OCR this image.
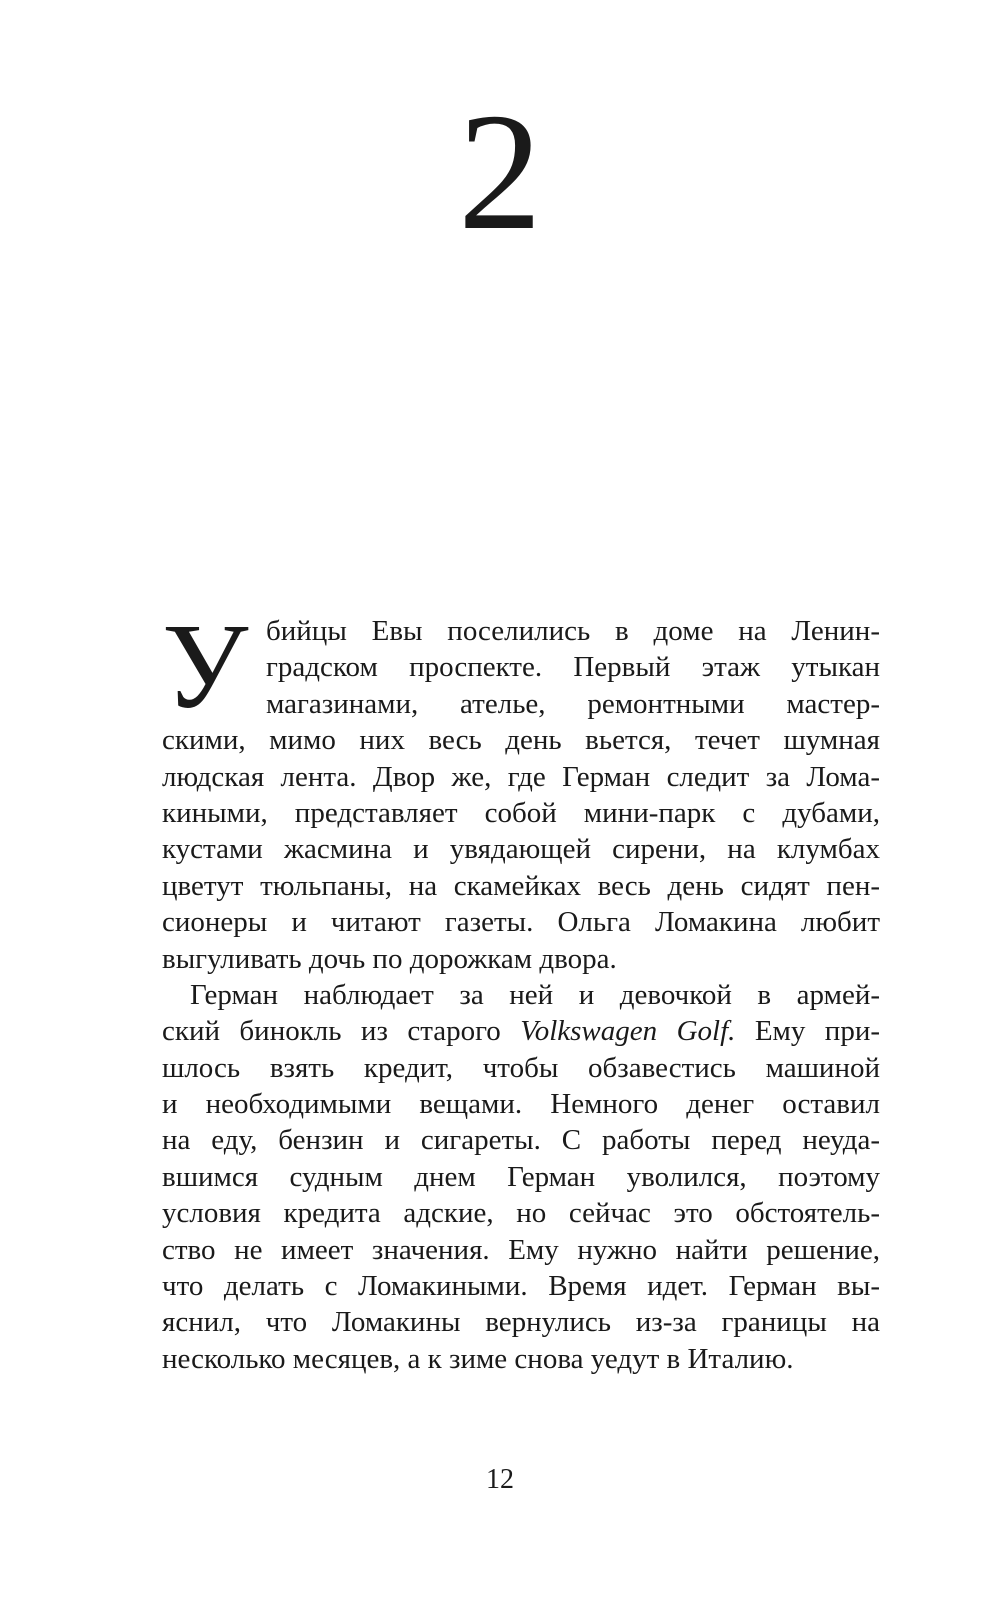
2
У бийцы Евы поселились в доме на Ленин-
градском проспекте. Первый этаж утыкан
магазинами, ателье, ремонтными мастер-
скими, мимо них весь день вьется, течет шумная
людская лента. Двор же, где Герман следит за Лома-
киными, представляет собой мини-парк с дубами,
кустами жасмина и увядающей сирени, на клумбах
цветут тюльпаны, на скамейках весь день сидят пен-
сионеры и читают газеты. Ольга Ломакина любит
выгуливать дочь по дорожкам двора.
Герман наблюдает за ней и девочкой в армей-
ский бинокль из старого Volkswagen Golf. Ему при-
шлось взять кредит, чтобы обзавестись машиной
и необходимыми вещами. Немного денег оставил
на еду, бензин и сигареты. С работы перед неуда-
вшимся судным днем Герман уволился, поэтому
условия кредита адские, но сейчас это обстоятель-
ство не имеет значения. Ему нужно найти решение,
что делать с Ломакиными. Время идет. Герман вы-
яснил, что Ломакины вернулись из-за границы на
несколько месяцев, а к зиме снова уедут в Италию.
12
